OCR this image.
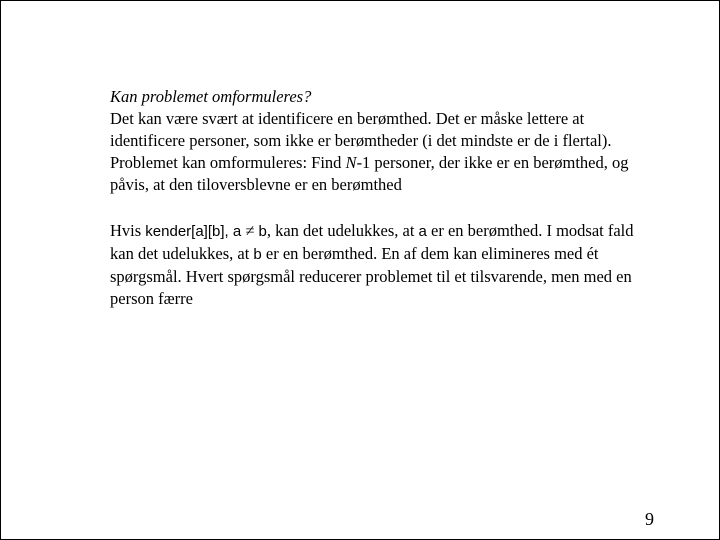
Kan problemet omformuleres?

Det kan være svært at identificere en berømthed. Det er måske lettere at identificere personer, som ikke er berømtheder (i det mindste er de i flertal). Problemet kan omformuleres: Find N-1 personer, der ikke er en berømthed, og påvis, at den tiloversblevne er en berømthed

Hvis kender[a][b], a ≠ b, kan det udelukkes, at a er en berømthed. I modsat fald kan det udelukkes, at b er en berømthed. En af dem kan elimineres med ét spørgsmål. Hvert spørgsmål reducerer problemet til et tilsvarende, men med en person færre

9
